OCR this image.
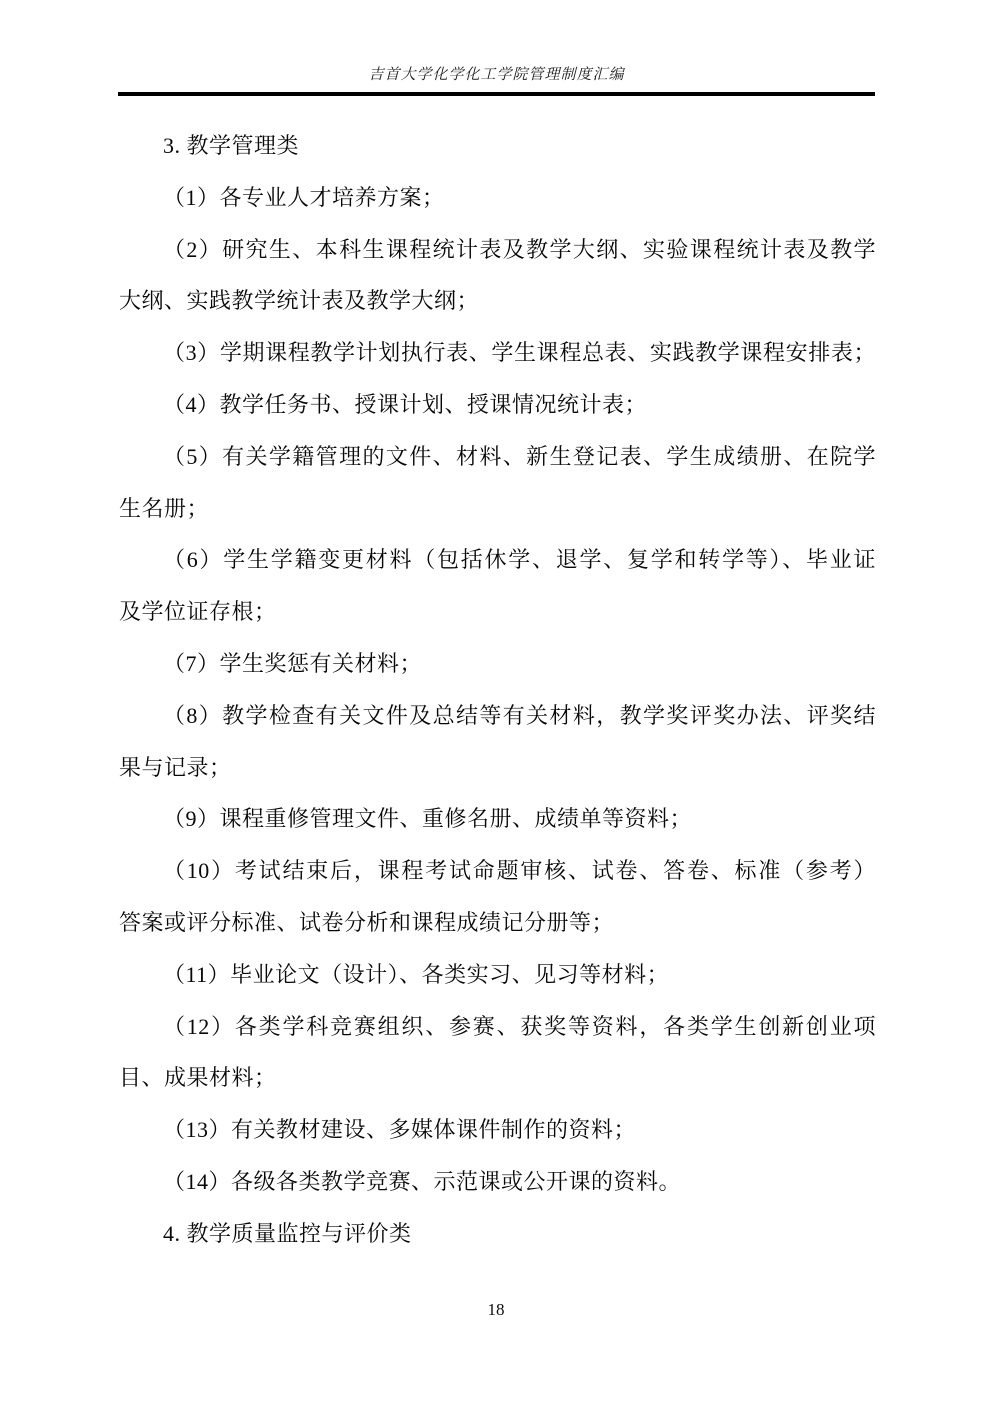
吉首大学化学化工学院管理制度汇编
3. 教学管理类
（1）各专业人才培养方案；
（2）研究生、本科生课程统计表及教学大纲、实验课程统计表及教学
大纲、实践教学统计表及教学大纲；
（3）学期课程教学计划执行表、学生课程总表、实践教学课程安排表；
（4）教学任务书、授课计划、授课情况统计表；
（5）有关学籍管理的文件、材料、新生登记表、学生成绩册、在院学
生名册；
（6）学生学籍变更材料（包括休学、退学、复学和转学等）、毕业证
及学位证存根；
（7）学生奖惩有关材料；
（8）教学检查有关文件及总结等有关材料，教学奖评奖办法、评奖结
果与记录；
（9）课程重修管理文件、重修名册、成绩单等资料；
（10）考试结束后，课程考试命题审核、试卷、答卷、标准（参考）
答案或评分标准、试卷分析和课程成绩记分册等；
（11）毕业论文（设计）、各类实习、见习等材料；
（12）各类学科竞赛组织、参赛、获奖等资料，各类学生创新创业项
目、成果材料；
（13）有关教材建设、多媒体课件制作的资料；
（14）各级各类教学竞赛、示范课或公开课的资料。
4. 教学质量监控与评价类
18
